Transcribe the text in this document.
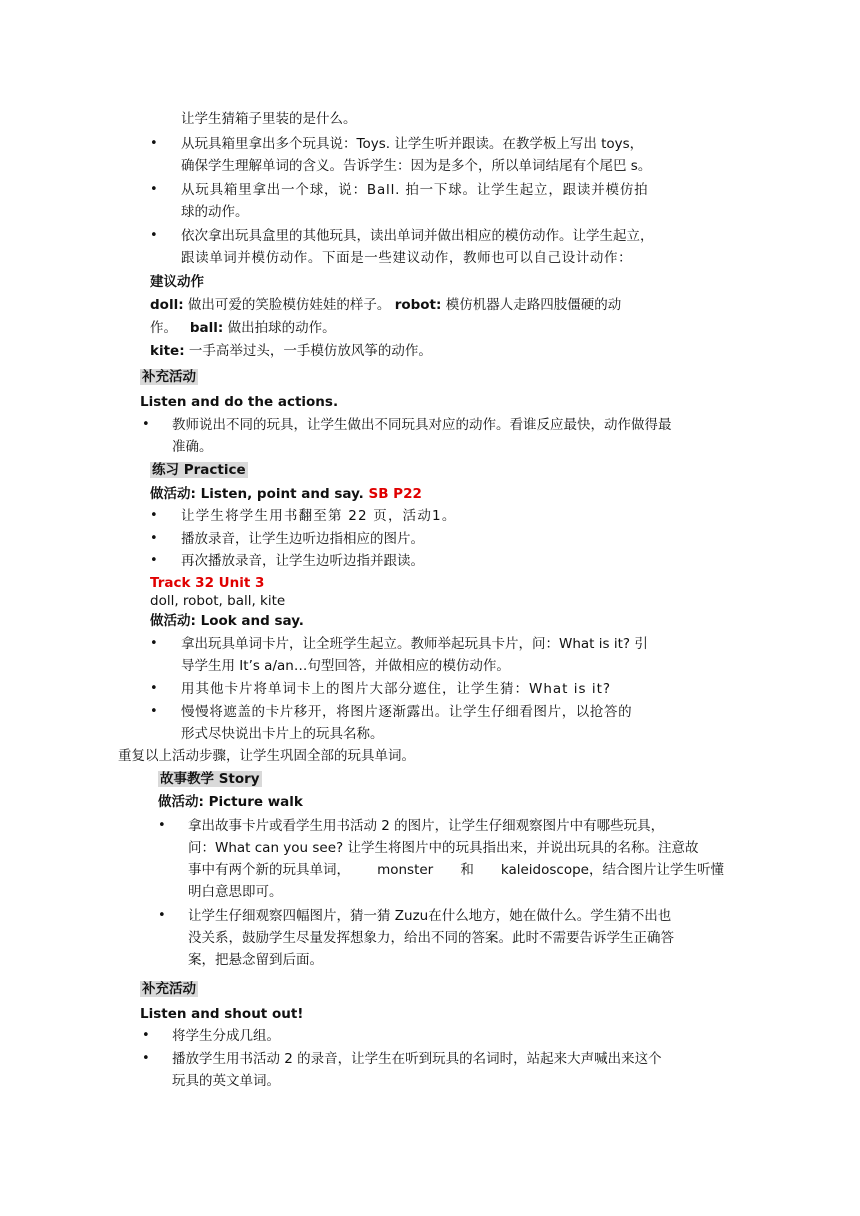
让学生猜箱子里装的是什么。
• 从玩具箱里拿出多个玩具说：Toys. 让学生听并跟读。在教学板上写出 toys，
确保学生理解单词的含义。告诉学生：因为是多个，所以单词结尾有个尾巴 s。
• 从玩具箱里拿出一个球，说：Ball. 拍一下球。让学生起立，跟读并模仿拍
球的动作。
• 依次拿出玩具盒里的其他玩具，读出单词并做出相应的模仿动作。让学生起立，
跟读单词并模仿动作。下面是一些建议动作，教师也可以自己设计动作：
建议动作
doll: 做出可爱的笑脸模仿娃娃的样子。 robot: 模仿机器人走路四肢僵硬的动
作。 ball: 做出拍球的动作。
kite: 一手高举过头，一手模仿放风筝的动作。
补充活动
Listen and do the actions.
• 教师说出不同的玩具，让学生做出不同玩具对应的动作。看谁反应最快，动作做得最
准确。
练习 Practice
做活动: Listen, point and say. SB P22
• 让学生将学生用书翻至第 22 页，活动1。
• 播放录音，让学生边听边指相应的图片。
• 再次播放录音，让学生边听边指并跟读。
Track 32 Unit 3
doll, robot, ball, kite
做活动: Look and say.
• 拿出玩具单词卡片，让全班学生起立。教师举起玩具卡片，问：What is it? 引
导学生用 It’s a/an…句型回答，并做相应的模仿动作。
• 用其他卡片将单词卡上的图片大部分遮住，让学生猜：What is it?
• 慢慢将遮盖的卡片移开，将图片逐渐露出。让学生仔细看图片，以抢答的
形式尽快说出卡片上的玩具名称。
重复以上活动步骤，让学生巩固全部的玩具单词。
故事教学 Story
做活动: Picture walk
• 拿出故事卡片或看学生用书活动 2 的图片，让学生仔细观察图片中有哪些玩具，
问：What can you see? 让学生将图片中的玩具指出来，并说出玩具的名称。注意故
事中有两个新的玩具单词， monster 和 kaleidoscope，结合图片让学生听懂
明白意思即可。
• 让学生仔细观察四幅图片，猜一猜 Zuzu在什么地方，她在做什么。学生猜不出也
没关系，鼓励学生尽量发挥想象力，给出不同的答案。此时不需要告诉学生正确答
案，把悬念留到后面。
补充活动
Listen and shout out!
• 将学生分成几组。
• 播放学生用书活动 2 的录音，让学生在听到玩具的名词时，站起来大声喊出来这个
玩具的英文单词。
